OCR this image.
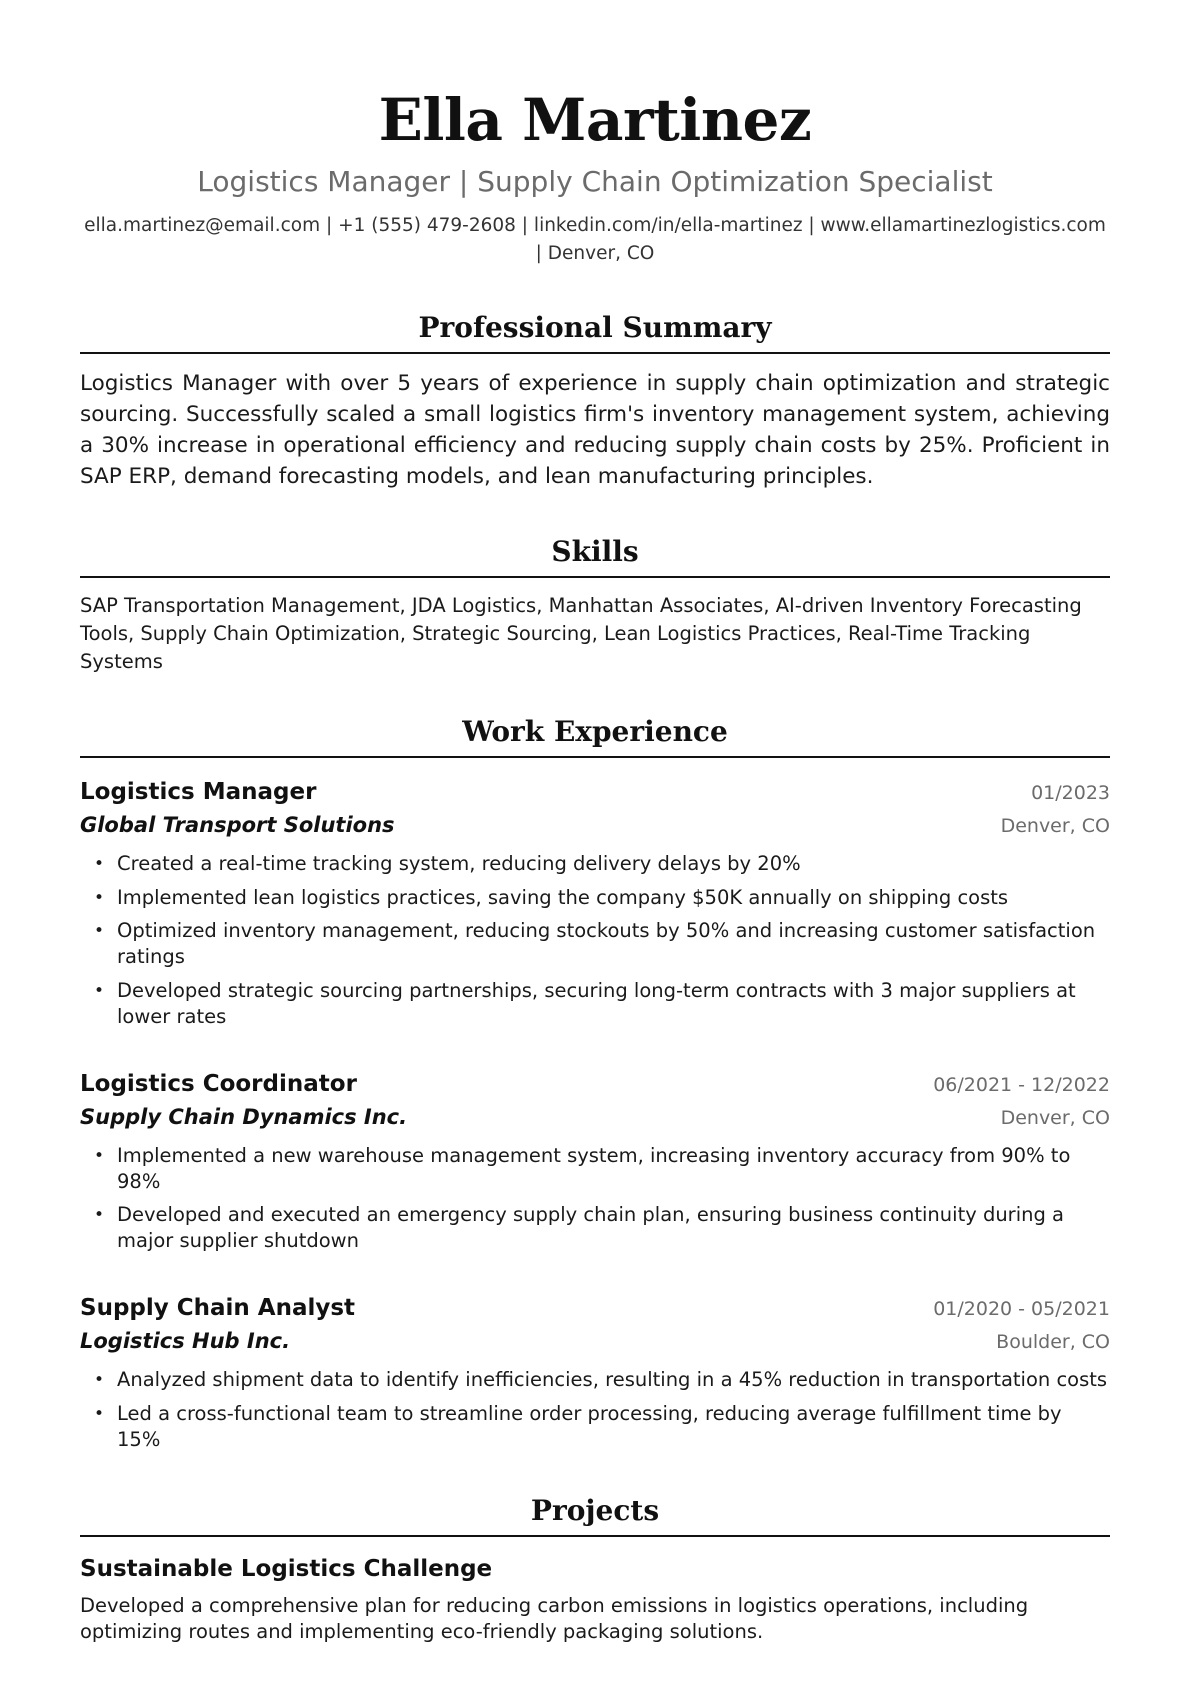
Ella Martinez
Logistics Manager | Supply Chain Optimization Specialist
ella.martinez@email.com | +1 (555) 479-2608 | linkedin.com/in/ella-martinez | www.ellamartinezlogistics.com | Denver, CO
Professional Summary

Logistics Manager with over 5 years of experience in supply chain optimization and strategic sourcing. Successfully scaled a small logistics firm's inventory management system, achieving a 30% increase in operational efficiency and reducing supply chain costs by 25%. Proficient in SAP ERP, demand forecasting models, and lean manufacturing principles.

Skills

SAP Transportation Management, JDA Logistics, Manhattan Associates, AI-driven Inventory Forecasting Tools, Supply Chain Optimization, Strategic Sourcing, Lean Logistics Practices, Real-Time Tracking Systems

Work Experience
Logistics Manager	01/2023
Global Transport Solutions	Denver, CO
• Created a real-time tracking system, reducing delivery delays by 20%
• Implemented lean logistics practices, saving the company $50K annually on shipping costs
• Optimized inventory management, reducing stockouts by 50% and increasing customer satisfaction ratings
• Developed strategic sourcing partnerships, securing long-term contracts with 3 major suppliers at lower rates
Logistics Coordinator	06/2021 - 12/2022
Supply Chain Dynamics Inc.	Denver, CO
• Implemented a new warehouse management system, increasing inventory accuracy from 90% to 98%
• Developed and executed an emergency supply chain plan, ensuring business continuity during a major supplier shutdown
Supply Chain Analyst	01/2020 - 05/2021
Logistics Hub Inc.	Boulder, CO
• Analyzed shipment data to identify inefficiencies, resulting in a 45% reduction in transportation costs
• Led a cross-functional team to streamline order processing, reducing average fulfillment time by 15%
Projects
Sustainable Logistics Challenge

Developed a comprehensive plan for reducing carbon emissions in logistics operations, including optimizing routes and implementing eco-friendly packaging solutions.
